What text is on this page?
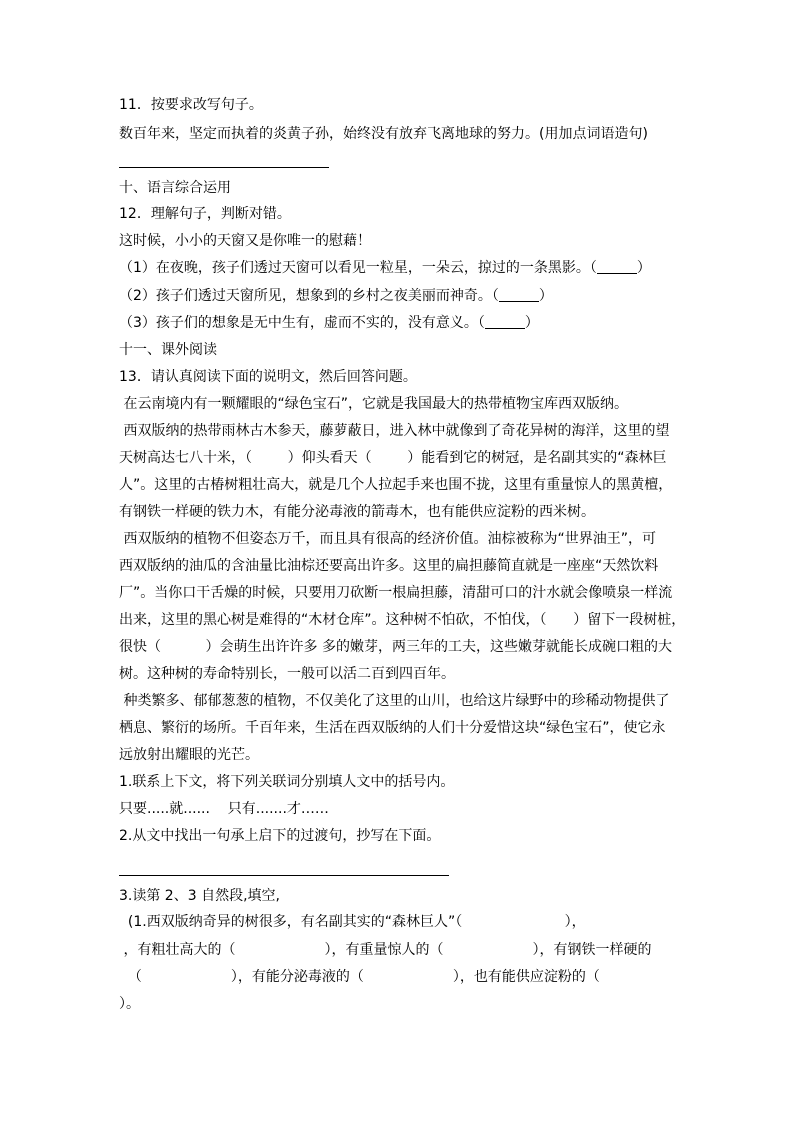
11．按要求改写句子。
数百年来，坚定而执着的炎黄子孙，始终没有放弃飞离地球的努力。(用加点词语造句)
十、语言综合运用
12．理解句子，判断对错。
这时候，小小的天窗又是你唯一的慰藉！
（1）在夜晚，孩子们透过天窗可以看见一粒星，一朵云，掠过的一条黑影。（	）
（2）孩子们透过天窗所见，想象到的乡村之夜美丽而神奇。（	）
（3）孩子们的想象是无中生有，虚而不实的，没有意义。（	）
十一、课外阅读
13．请认真阅读下面的说明文，然后回答问题。
在云南境内有一颗耀眼的“绿色宝石”，它就是我国最大的热带植物宝库西双版纳。
西双版纳的热带雨林古木参天，藤萝蔽日，进入林中就像到了奇花异树的海洋，这里的望
天树高达七八十米，（        ）仰头看天（        ）能看到它的树冠，是名副其实的“森林巨
人”。这里的古椿树粗壮高大，就是几个人拉起手来也围不拢，这里有重量惊人的黑黄檀，
有钢铁一样硬的铁力木，有能分泌毒液的箭毒木，也有能供应淀粉的西米树。
西双版纳的植物不但姿态万千，而且具有很高的经济价值。油棕被称为“世界油王”，可
西双版纳的油瓜的含油量比油棕还要高出许多。这里的扁担藤简直就是一座座“天然饮料
厂”。当你口干舌燥的时候，只要用刀砍断一根扁担藤，清甜可口的汁水就会像喷泉一样流
出来，这里的黑心树是难得的“木材仓库”。这种树不怕砍，不怕伐，（      ）留下一段树桩，
很快（          ）会萌生出许许多 多的嫩芽，两三年的工夫，这些嫩芽就能长成碗口粗的大
树。这种树的寿命特别长，一般可以活二百到四百年。
种类繁多、郁郁葱葱的植物，不仅美化了这里的山川，也给这片绿野中的珍稀动物提供了
栖息、繁衍的场所。千百年来，生活在西双版纳的人们十分爱惜这块“绿色宝石”，使它永
远放射出耀眼的光芒。
1.联系上下文，将下列关联词分别填人文中的括号内。
只要.....就......    只有.......才……
2.从文中找出一句承上启下的过渡句，抄写在下面。
3.读第 2、3 自然段,填空,
(1.西双版纳奇异的树很多，有名副其实的“森林巨人”（                       ），
，有粗壮高大的（                    ），有重量惊人的（                    ），有钢铁一样硬的
（                    ），有能分泌毒液的（                    ），也有能供应淀粉的（
）。
